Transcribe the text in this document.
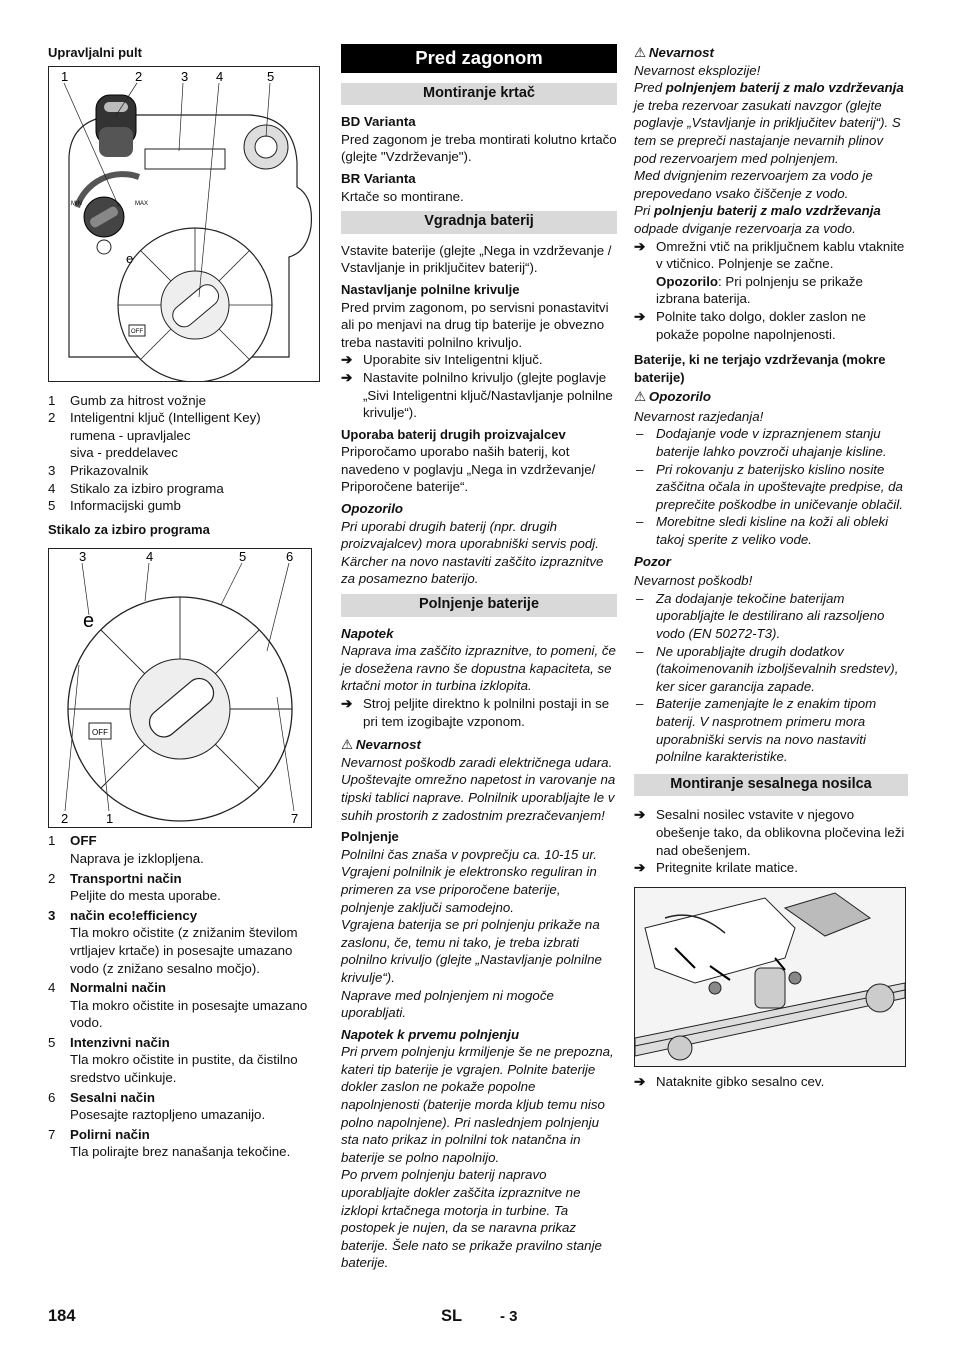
Upravljalni pult

1	2	3 4	5
MIN	MAX
e
OFF
1	Gumb za hitrost vožnje
2	Inteligentni ključ (Intelligent Key)
rumena - upravljalec
siva - preddelavec
3	Prikazovalnik
4	Stikalo za izbiro programa
5	Informacijski gumb

Stikalo za izbiro programa

3	4	5	6
2	1	7
e
OFF
1	OFF
Naprava je izklopljena.
2	Transportni način
Peljite do mesta uporabe.
3	način eco!efficiency
Tla mokro očistite (z znižanim številom vrtljajev krtače) in posesajte umazano vodo (z znižano sesalno močjo).
4	Normalni način
Tla mokro očistite in posesajte umazano vodo.
5	Intenzivni način
Tla mokro očistite in pustite, da čistilno sredstvo učinkuje.
6	Sesalni način
Posesajte raztopljeno umazanijo.
7	Polirni način
Tla polirajte brez nanašanja tekočine.
Pred zagonom
Montiranje krtač

BD Varianta

Pred zagonom je treba montirati kolutno krtačo (glejte "Vzdrževanje").

BR Varianta

Krtače so montirane.

Vgradnja baterij

Vstavite baterije (glejte „Nega in vzdrževanje / Vstavljanje in priključitev baterij“).

Nastavljanje polnilne krivulje

Pred prvim zagonom, po servisni ponastavitvi ali po menjavi na drug tip baterije je obvezno treba nastaviti polnilno krivuljo.

➔ Uporabite siv Inteligentni ključ.
➔ Nastavite polnilno krivuljo (glejte poglavje „Sivi Inteligentni ključ/Nastavljanje polnilne krivulje“).

Uporaba baterij drugih proizvajalcev

Priporočamo uporabo naših baterij, kot navedeno v poglavju „Nega in vzdrževanje/ Priporočene baterije“.

Opozorilo

Pri uporabi drugih baterij (npr. drugih proizvajalcev) mora uporabniški servis podj. Kärcher na novo nastaviti zaščito izpraznitve za posamezno baterijo.

Polnjenje baterije

Napotek

Naprava ima zaščito izpraznitve, to pomeni, če je dosežena ravno še dopustna kapaciteta, se krtačni motor in turbina izklopita.

➔ Stroj peljite direktno k polnilni postaji in se pri tem izogibajte vzponom.

⚠ Nevarnost

Nevarnost poškodb zaradi električnega udara. Upoštevajte omrežno napetost in varovanje na tipski tablici naprave. Polnilnik uporabljajte le v suhih prostorih z zadostnim prezračevanjem!

Polnjenje

Polnilni čas znaša v povprečju ca. 10-15 ur. Vgrajeni polnilnik je elektronsko reguliran in primeren za vse priporočene baterije, polnjenje zaključi samodejno.

Vgrajena baterija se pri polnjenju prikaže na zaslonu, če, temu ni tako, je treba izbrati polnilno krivuljo (glejte „Nastavljanje polnilne krivulje“).

Naprave med polnjenjem ni mogoče uporabljati.

Napotek k prvemu polnjenju

Pri prvem polnjenju krmiljenje še ne prepozna, kateri tip baterije je vgrajen. Polnite baterije dokler zaslon ne pokaže popolne napolnjenosti (baterije morda kljub temu niso polno napolnjene). Pri naslednjem polnjenju sta nato prikaz in polnilni tok natančna in baterije se polno napolnijo.

Po prvem polnjenju baterij napravo uporabljajte dokler zaščita izpraznitve ne izklopi krtačnega motorja in turbine. Ta postopek je nujen, da se naravna prikaz baterije. Šele nato se prikaže pravilno stanje baterije.

⚠ Nevarnost

Nevarnost eksplozije!

Pred polnjenjem baterij z malo vzdrževanja je treba rezervoar zasukati navzgor (glejte poglavje „Vstavljanje in priključitev baterij“). S tem se prepreči nastajanje nevarnih plinov pod rezervoarjem med polnjenjem.

Med dvignjenim rezervoarjem za vodo je prepovedano vsako čiščenje z vodo.

Pri polnjenju baterij z malo vzdrževanja odpade dviganje rezervoarja za vodo.

➔ Omrežni vtič na priključnem kablu vtaknite v vtičnico. Polnjenje se začne.
Opozorilo: Pri polnjenju se prikaže izbrana baterija.
➔ Polnite tako dolgo, dokler zaslon ne pokaže popolne napolnjenosti.

Baterije, ki ne terjajo vzdrževanja (mokre baterije)

⚠ Opozorilo

Nevarnost razjedanja!

– Dodajanje vode v izpraznjenem stanju baterije lahko povzroči uhajanje kisline.
– Pri rokovanju z baterijsko kislino nosite zaščitna očala in upoštevajte predpise, da preprečite poškodbe in uničevanje oblačil.
– Morebitne sledi kisline na koži ali obleki takoj sperite z veliko vode.

Pozor

Nevarnost poškodb!

– Za dodajanje tekočine baterijam uporabljajte le destilirano ali razsoljeno vodo (EN 50272-T3).
– Ne uporabljajte drugih dodatkov (takoimenovanih izboljševalnih sredstev), ker sicer garancija zapade.
– Baterije zamenjajte le z enakim tipom baterij. V nasprotnem primeru mora uporabniški servis na novo nastaviti polnilne karakteristike.
Montiranje sesalnega nosilca
➔ Sesalni nosilec vstavite v njegovo obešenje tako, da oblikovna pločevina leži nad obešenjem.
➔ Pritegnite krilate matice.
➔ Nataknite gibko sesalno cev.
184	SL	- 3
